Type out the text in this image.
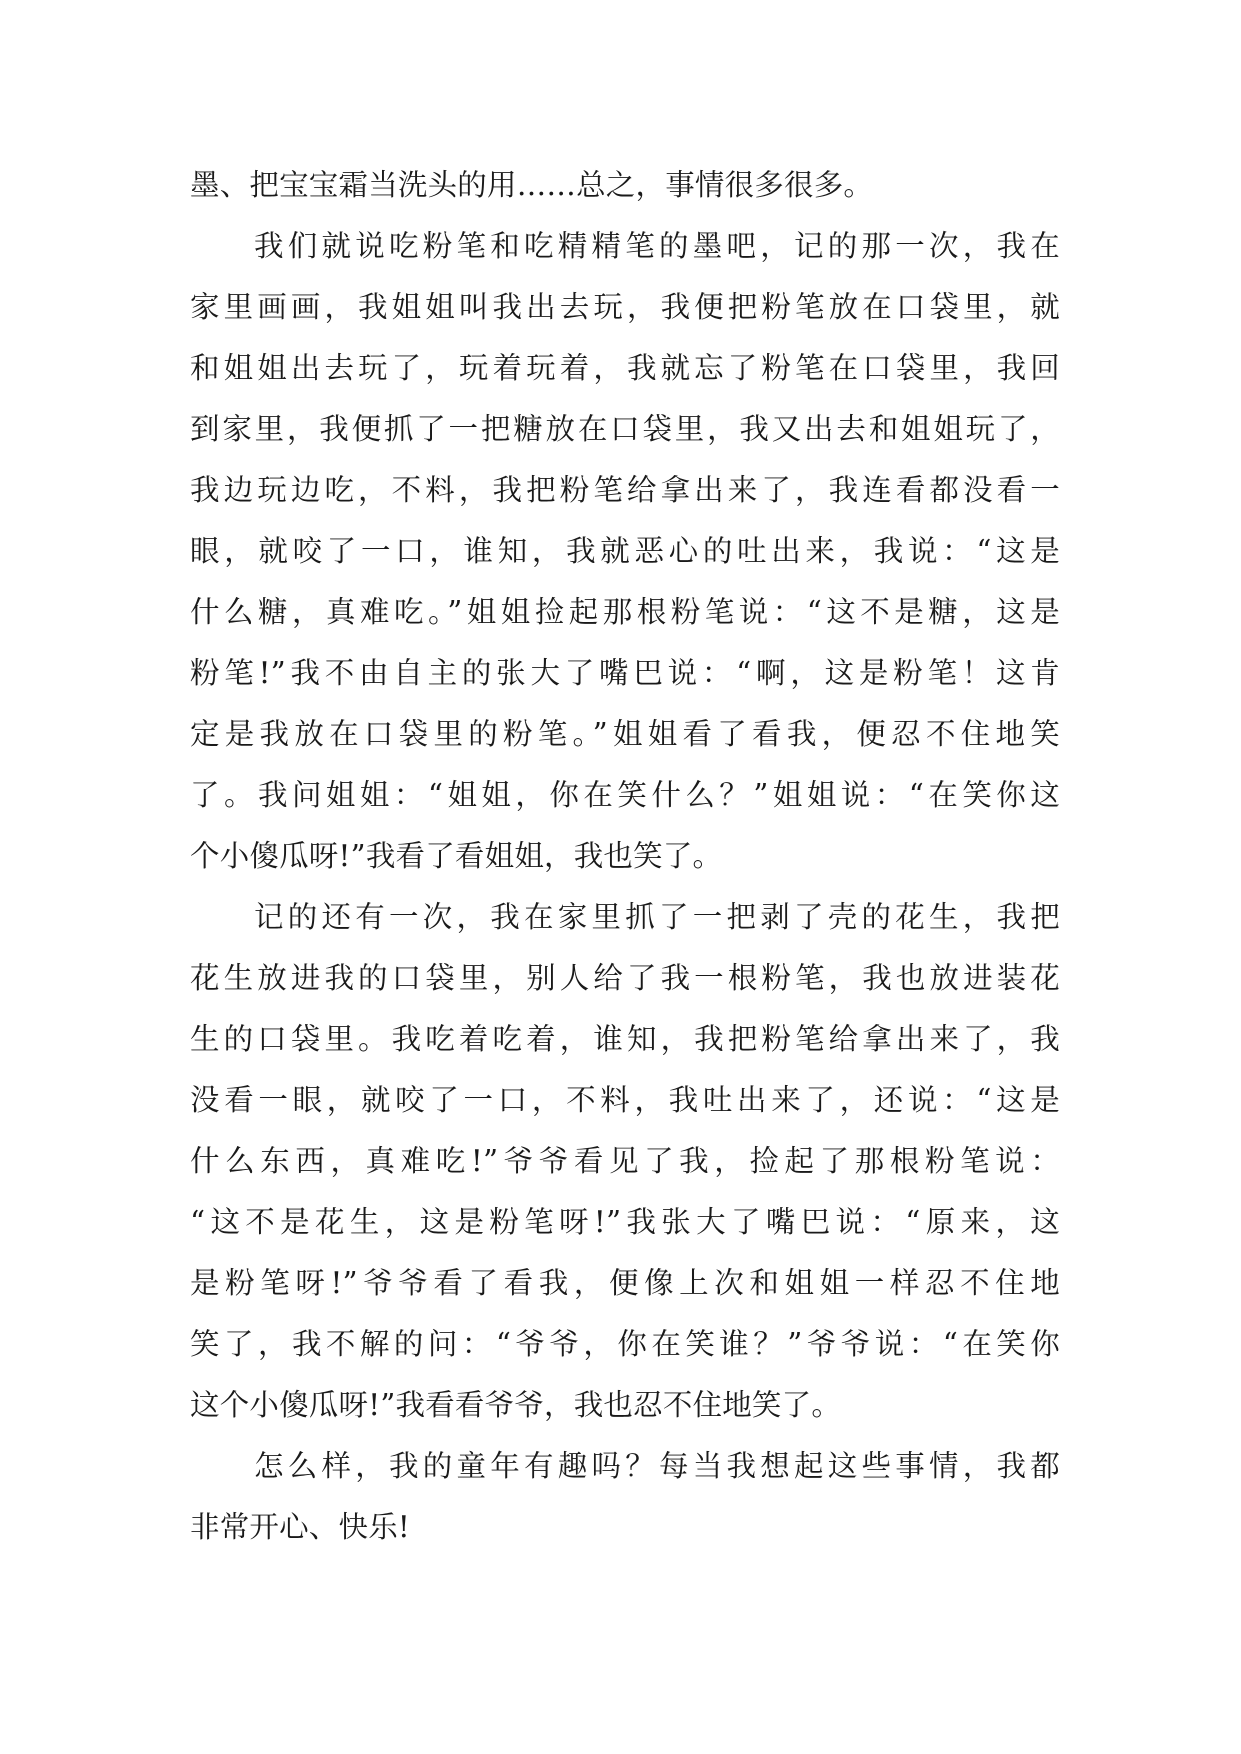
墨、把宝宝霜当洗头的用……总之，事情很多很多。
我们就说吃粉笔和吃精精笔的墨吧，记的那一次，我在
家里画画，我姐姐叫我出去玩，我便把粉笔放在口袋里，就
和姐姐出去玩了，玩着玩着，我就忘了粉笔在口袋里，我回
到家里，我便抓了一把糖放在口袋里，我又出去和姐姐玩了，
我边玩边吃，不料，我把粉笔给拿出来了，我连看都没看一
眼，就咬了一口，谁知，我就恶心的吐出来，我说：“这是
什么糖，真难吃。”姐姐捡起那根粉笔说：“这不是糖，这是
粉笔!”我不由自主的张大了嘴巴说：“啊，这是粉笔！这肯
定是我放在口袋里的粉笔。”姐姐看了看我，便忍不住地笑
了。我问姐姐：“姐姐，你在笑什么？”姐姐说：“在笑你这
个小傻瓜呀!”我看了看姐姐，我也笑了。
记的还有一次，我在家里抓了一把剥了壳的花生，我把
花生放进我的口袋里，别人给了我一根粉笔，我也放进装花
生的口袋里。我吃着吃着，谁知，我把粉笔给拿出来了，我
没看一眼，就咬了一口，不料，我吐出来了，还说：“这是
什么东西，真难吃!”爷爷看见了我，捡起了那根粉笔说：
“这不是花生，这是粉笔呀!”我张大了嘴巴说：“原来，这
是粉笔呀!”爷爷看了看我，便像上次和姐姐一样忍不住地
笑了，我不解的问：“爷爷，你在笑谁？”爷爷说：“在笑你
这个小傻瓜呀!”我看看爷爷，我也忍不住地笑了。
怎么样，我的童年有趣吗？每当我想起这些事情，我都
非常开心、快乐!
